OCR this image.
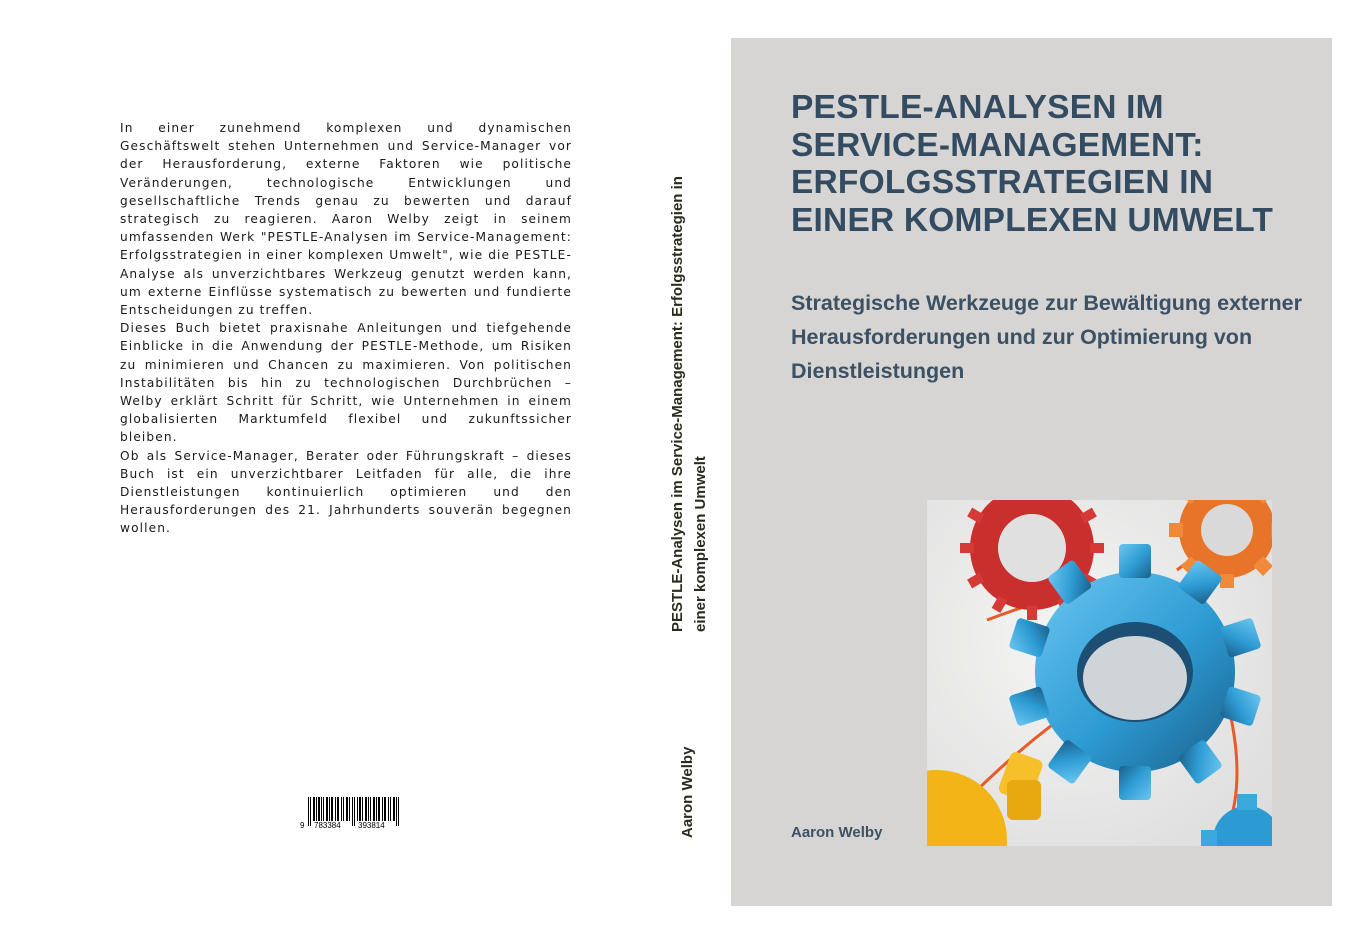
In einer zunehmend komplexen und dynamischen Geschäftswelt stehen Unternehmen und Service-Manager vor der Herausforderung, externe Faktoren wie politische Veränderungen, technologische Entwicklungen und gesellschaftliche Trends genau zu bewerten und darauf strategisch zu reagieren. Aaron Welby zeigt in seinem umfassenden Werk "PESTLE-Analysen im Service-Management: Erfolgsstrategien in einer komplexen Umwelt", wie die PESTLE-Analyse als unverzichtbares Werkzeug genutzt werden kann, um externe Einflüsse systematisch zu bewerten und fundierte Entscheidungen zu treffen.

Dieses Buch bietet praxisnahe Anleitungen und tiefgehende Einblicke in die Anwendung der PESTLE-Methode, um Risiken zu minimieren und Chancen zu maximieren. Von politischen Instabilitäten bis hin zu technologischen Durchbrüchen – Welby erklärt Schritt für Schritt, wie Unternehmen in einem globalisierten Marktumfeld flexibel und zukunftssicher bleiben.

Ob als Service-Manager, Berater oder Führungskraft – dieses Buch ist ein unverzichtbarer Leitfaden für alle, die ihre Dienstleistungen kontinuierlich optimieren und den Herausforderungen des 21. Jahrhunderts souverän begegnen wollen.

9 783384 393814
PESTLE-Analysen im Service-Management: Erfolgsstrategien in einer komplexen Umwelt
Aaron Welby
PESTLE-ANALYSEN IM SERVICE-MANAGEMENT: ERFOLGSSTRATEGIEN IN EINER KOMPLEXEN UMWELT
Strategische Werkzeuge zur Bewältigung externer Herausforderungen und zur Optimierung von Dienstleistungen
Aaron Welby
